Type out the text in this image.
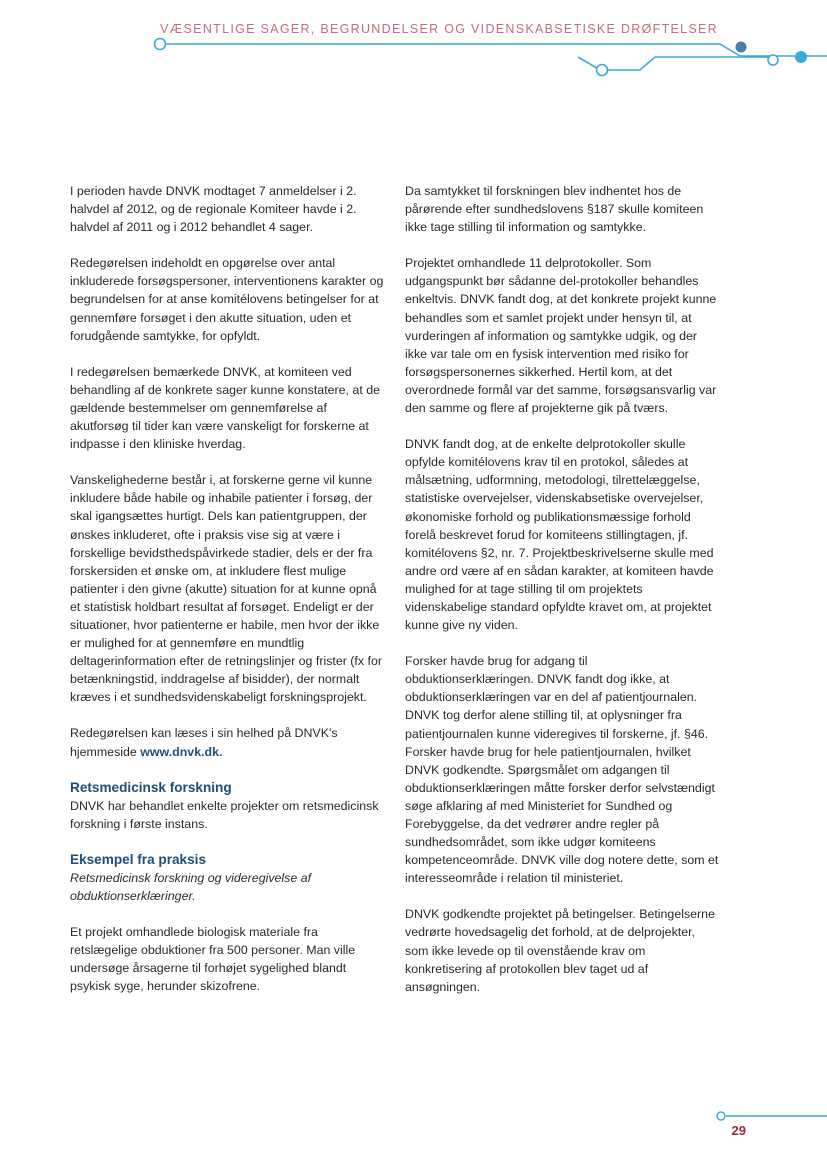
VÆSENTLIGE SAGER, BEGRUNDELSER OG VIDENSKABSETISKE DRØFTELSER

I perioden havde DNVK modtaget 7 anmeldelser i 2. halvdel af 2012, og de regionale Komiteer havde i 2. halvdel af 2011 og i 2012 behandlet 4 sager.

Redegørelsen indeholdt en opgørelse over antal inkluderede forsøgspersoner, interventionens karakter og begrundelsen for at anse komitélovens betingelser for at gennemføre forsøget i den akutte situation, uden et forudgående samtykke, for opfyldt.

I redegørelsen bemærkede DNVK, at komiteen ved behandling af de konkrete sager kunne konstatere, at de gældende bestemmelser om gennemførelse af akutforsøg til tider kan være vanskeligt for forskerne at indpasse i den kliniske hverdag.

Vanskelighederne består i, at forskerne gerne vil kunne inkludere både habile og inhabile patienter i forsøg, der skal igangsættes hurtigt. Dels kan patientgruppen, der ønskes inkluderet, ofte i praksis vise sig at være i forskellige bevidsthedspåvirkede stadier, dels er der fra forskersiden et ønske om, at inkludere flest mulige patienter i den givne (akutte) situation for at kunne opnå et statistisk holdbart resultat af forsøget. Endeligt er der situationer, hvor patienterne er habile, men hvor der ikke er mulighed for at gennemføre en mundtlig deltagerinformation efter de retningslinjer og frister (fx for betænkningstid, inddragelse af bisidder), der normalt kræves i et sundhedsvidenskabeligt forskningsprojekt.

Redegørelsen kan læses i sin helhed på DNVK's hjemmeside www.dnvk.dk.

Retsmedicinsk forskning

DNVK har behandlet enkelte projekter om retsmedicinsk forskning i første instans.

Eksempel fra praksis

Retsmedicinsk forskning og videregivelse af obduktionserklæringer.

Et projekt omhandlede biologisk materiale fra retslægelige obduktioner fra 500 personer. Man ville undersøge årsagerne til forhøjet sygelighed blandt psykisk syge, herunder skizofrene.

Da samtykket til forskningen blev indhentet hos de pårørende efter sundhedslovens §187 skulle komiteen ikke tage stilling til information og samtykke.

Projektet omhandlede 11 delprotokoller. Som udgangspunkt bør sådanne del-protokoller behandles enkeltvis. DNVK fandt dog, at det konkrete projekt kunne behandles som et samlet projekt under hensyn til, at vurderingen af information og samtykke udgik, og der ikke var tale om en fysisk intervention med risiko for forsøgspersonernes sikkerhed. Hertil kom, at det overordnede formål var det samme, forsøgsansvarlig var den samme og flere af projekterne gik på tværs.

DNVK fandt dog, at de enkelte delprotokoller skulle opfylde komitélovens krav til en protokol, således at målsætning, udformning, metodologi, tilrettelæggelse, statistiske overvejelser, videnskabsetiske overvejelser, økonomiske forhold og publikationsmæssige forhold forelå beskrevet forud for komiteens stillingtagen, jf. komitélovens §2, nr. 7. Projektbeskrivelserne skulle med andre ord være af en sådan karakter, at komiteen havde mulighed for at tage stilling til om projektets videnskabelige standard opfyldte kravet om, at projektet kunne give ny viden.

Forsker havde brug for adgang til obduktionserklæringen. DNVK fandt dog ikke, at obduktionserklæringen var en del af patientjournalen. DNVK tog derfor alene stilling til, at oplysninger fra patientjournalen kunne videregives til forskerne, jf. §46. Forsker havde brug for hele patientjournalen, hvilket DNVK godkendte. Spørgsmålet om adgangen til obduktionserklæringen måtte forsker derfor selvstændigt søge afklaring af med Ministeriet for Sundhed og Forebyggelse, da det vedrører andre regler på sundhedsområdet, som ikke udgør komiteens kompetenceområde. DNVK ville dog notere dette, som et interesseområde i relation til ministeriet.

DNVK godkendte projektet på betingelser. Betingelserne vedrørte hovedsagelig det forhold, at de delprojekter, som ikke levede op til ovenstående krav om konkretisering af protokollen blev taget ud af ansøgningen.

29
